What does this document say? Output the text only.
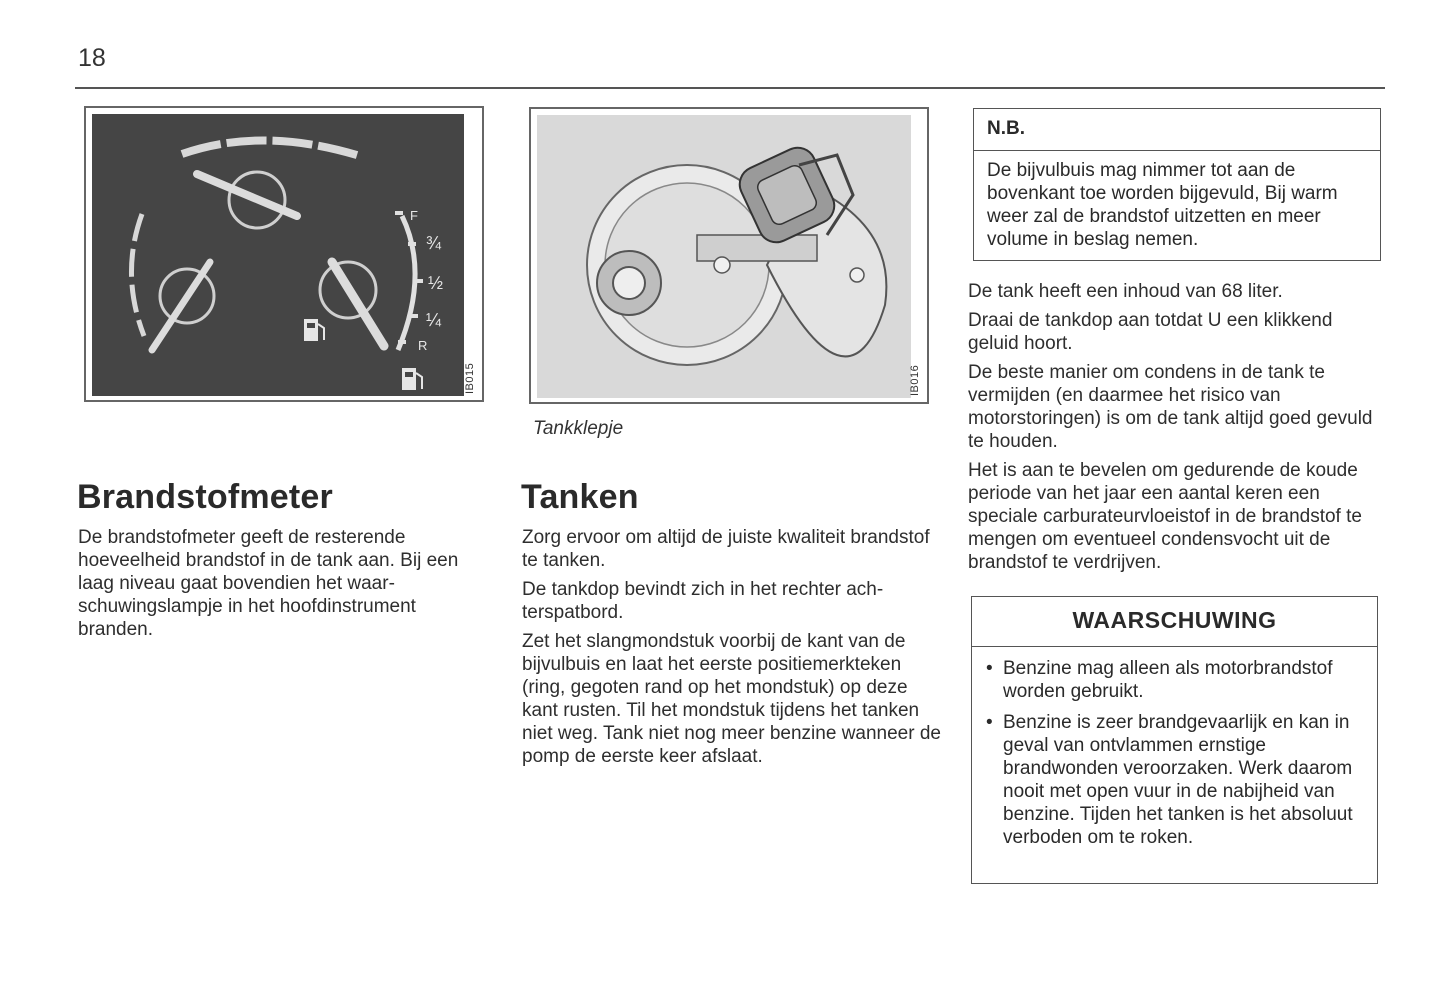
18
F
¾
½
¼
R
IB015	IB016
Tankklepje
Brandstofmeter

De brandstofmeter geeft de resterende hoeveelheid brandstof in de tank aan. Bij een laag niveau gaat bovendien het waarschuwingslampje in het hoofdinstrument branden.

Tanken

Zorg ervoor om altijd de juiste kwaliteit brandstof te tanken.

De tankdop bevindt zich in het rechter achterspatbord.

Zet het slangmondstuk voorbij de kant van de bijvulbuis en laat het eerste positiemerkteken (ring, gegoten rand op het mondstuk) op deze kant rusten. Til het mondstuk tijdens het tanken niet weg. Tank niet nog meer benzine wanneer de pomp de eerste keer afslaat.

N.B.
De bijvulbuis mag nimmer tot aan de bovenkant toe worden bijgevuld, Bij warm weer zal de brandstof uitzetten en meer volume in beslag nemen.

De tank heeft een inhoud van 68 liter.

Draai de tankdop aan totdat U een klikkend geluid hoort.

De beste manier om condens in de tank te vermijden (en daarmee het risico van motorstoringen) is om de tank altijd goed gevuld te houden.

Het is aan te bevelen om gedurende de koude periode van het jaar een aantal keren een speciale carburateurvloeistof in de brandstof te mengen om eventueel condensvocht uit de brandstof te verdrijven.

WAARSCHUWING
• Benzine mag alleen als motorbrandstof worden gebruikt.
• Benzine is zeer brandgevaarlijk en kan in geval van ontvlammen ernstige brandwonden veroorzaken. Werk daarom nooit met open vuur in de nabijheid van benzine. Tijden het tanken is het absoluut verboden om te roken.
